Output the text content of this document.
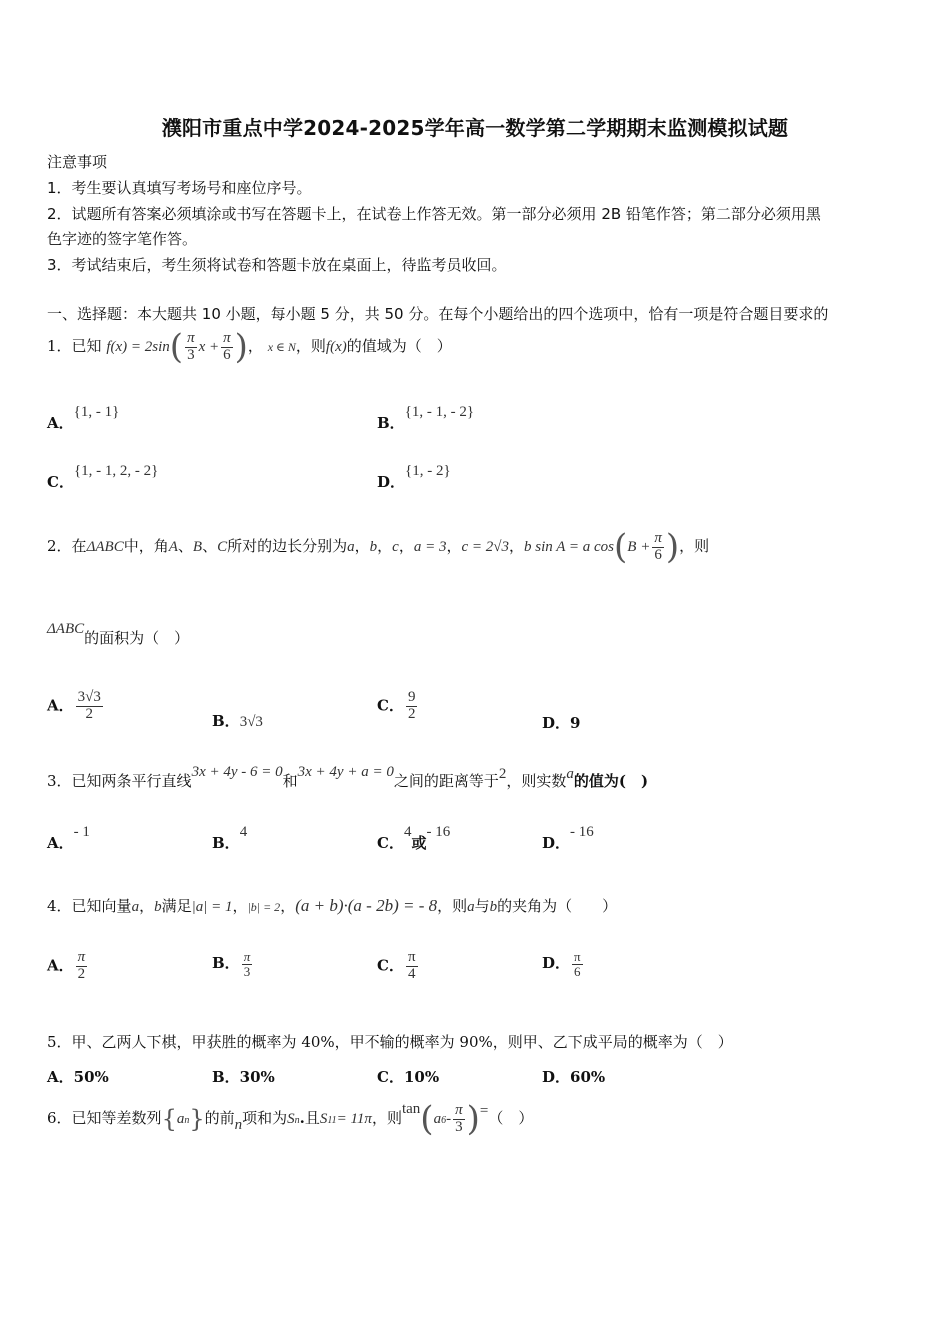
濮阳市重点中学2024-2025学年高一数学第二学期期末监测模拟试题
注意事项
1．考生要认真填写考场号和座位序号。
2．试题所有答案必须填涂或书写在答题卡上，在试卷上作答无效。第一部分必须用 2B 铅笔作答；第二部分必须用黑
色字迹的签字笔作答。
3．考试结束后，考生须将试卷和答题卡放在桌面上，待监考员收回。
一、选择题：本大题共 10 小题，每小题 5 分，共 50 分。在每个小题给出的四个选项中，恰有一项是符合题目要求的
1．已知 $f(x) = 2\sin( \frac{\pi}{3}$ $x + \frac{\pi}{6}$ )， x ∈ N，则f(x)的值域为（　）
A．{1, - 1}
B．{1, - 1, - 2}
C．{1, - 1, 2, - 2}
D．{1, - 2}
2．在ΔABC中，角A、B、C所对的边长分别为a，b，c，a = 3，c = 2√3，b sin A = a $\cos(B + \frac{\pi}{6}$ )，则
ΔABC的面积为（　）
A． $\frac{3√3}{2}$	B．3√3
C． $\frac{9}{2}$
D．9
3．已知两条平行直线3x + 4y - 6 = 0和3x + 4y + a = 0之间的距离等于2，则实数a的值为(　)
A．- 1
B．4
C．4或- 16
D．- 16
4．已知向量a，b满足|a| = 1，|b| = 2，(a + b)·(a - 2b) = - 8，则a与b的夹角为（　　）
A． $\frac{\pi}{2}$	B． $\frac{\pi}{3}$	C． $\frac{\pi}{4}$	D． $\frac{\pi}{6}$
5．甲、乙两人下棋，甲获胜的概率为 40%，甲不输的概率为 90%，则甲、乙下成平局的概率为（　）
A．50%	B．30%	C．10%	D．60%
6．已知等差数列{an}的前n项和为Sn.且S11= 11π，则$\tan(a6- \frac{\pi}{3}$ )=（　）
